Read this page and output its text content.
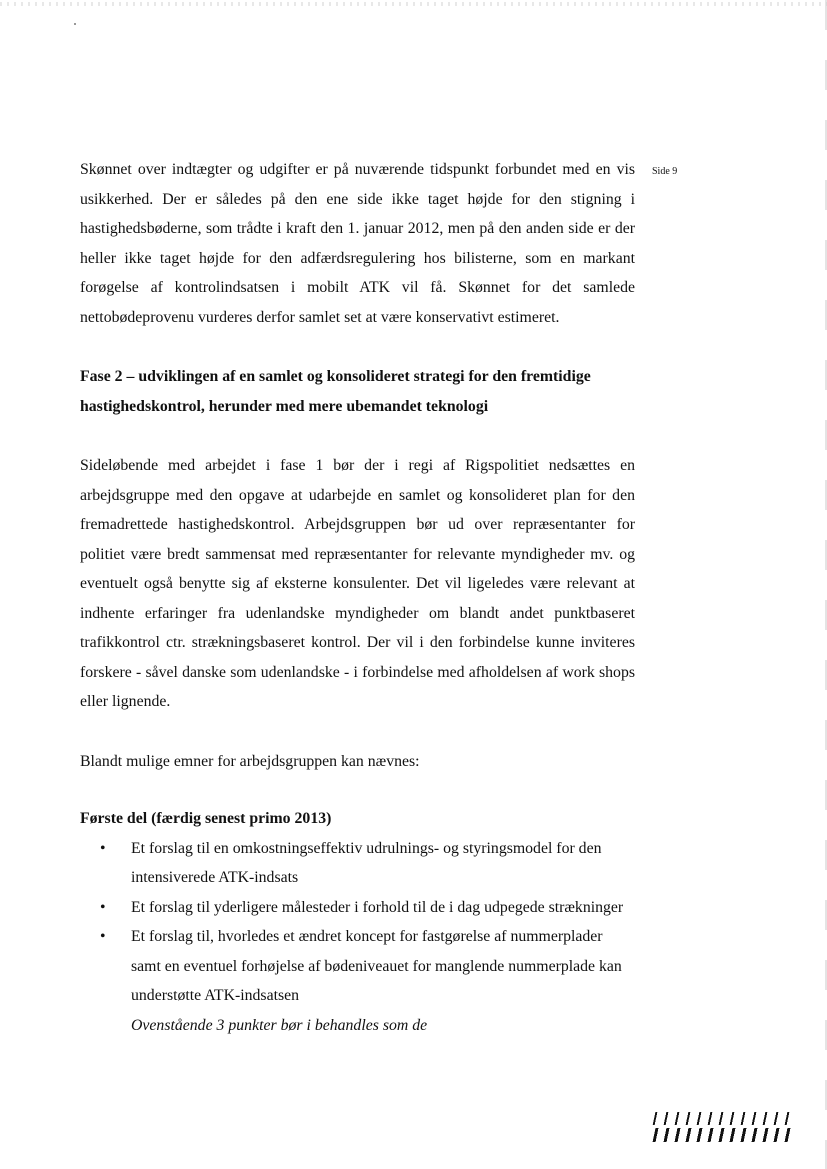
Side 9

Skønnet over indtægter og udgifter er på nuværende tidspunkt forbundet med en vis usikkerhed. Der er således på den ene side ikke taget højde for den stigning i hastighedsbøderne, som trådte i kraft den 1. januar 2012, men på den anden side er der heller ikke taget højde for den adfærdsregulering hos bilisterne, som en markant forøgelse af kontrolindsatsen i mobilt ATK vil få. Skønnet for det samlede nettobødeprovenu vurderes derfor samlet set at være konservativt estimeret.

Fase 2 – udviklingen af en samlet og konsolideret strategi for den fremtidige hastighedskontrol, herunder med mere ubemandet teknologi

Sideløbende med arbejdet i fase 1 bør der i regi af Rigspolitiet nedsættes en arbejdsgruppe med den opgave at udarbejde en samlet og konsolideret plan for den fremadrettede hastighedskontrol. Arbejdsgruppen bør ud over repræsentanter for politiet være bredt sammensat med repræsentanter for relevante myndigheder mv. og eventuelt også benytte sig af eksterne konsulenter. Det vil ligeledes være relevant at indhente erfaringer fra udenlandske myndigheder om blandt andet punktbaseret trafikkontrol ctr. strækningsbaseret kontrol. Der vil i den forbindelse kunne inviteres forskere - såvel danske som udenlandske - i forbindelse med afholdelsen af work shops eller lignende.

Blandt mulige emner for arbejdsgruppen kan nævnes:

Første del (færdig senest primo 2013)
• Et forslag til en omkostningseffektiv udrulnings- og styringsmodel for den intensiverede ATK-indsats
• Et forslag til yderligere målesteder i forhold til de i dag udpegede strækninger
• Et forslag til, hvorledes et ændret koncept for fastgørelse af nummerplader samt en eventuel forhøjelse af bødeniveauet for manglende nummerplade kan understøtte ATK-indsatsen
Ovenstående 3 punkter bør i behandles som de
